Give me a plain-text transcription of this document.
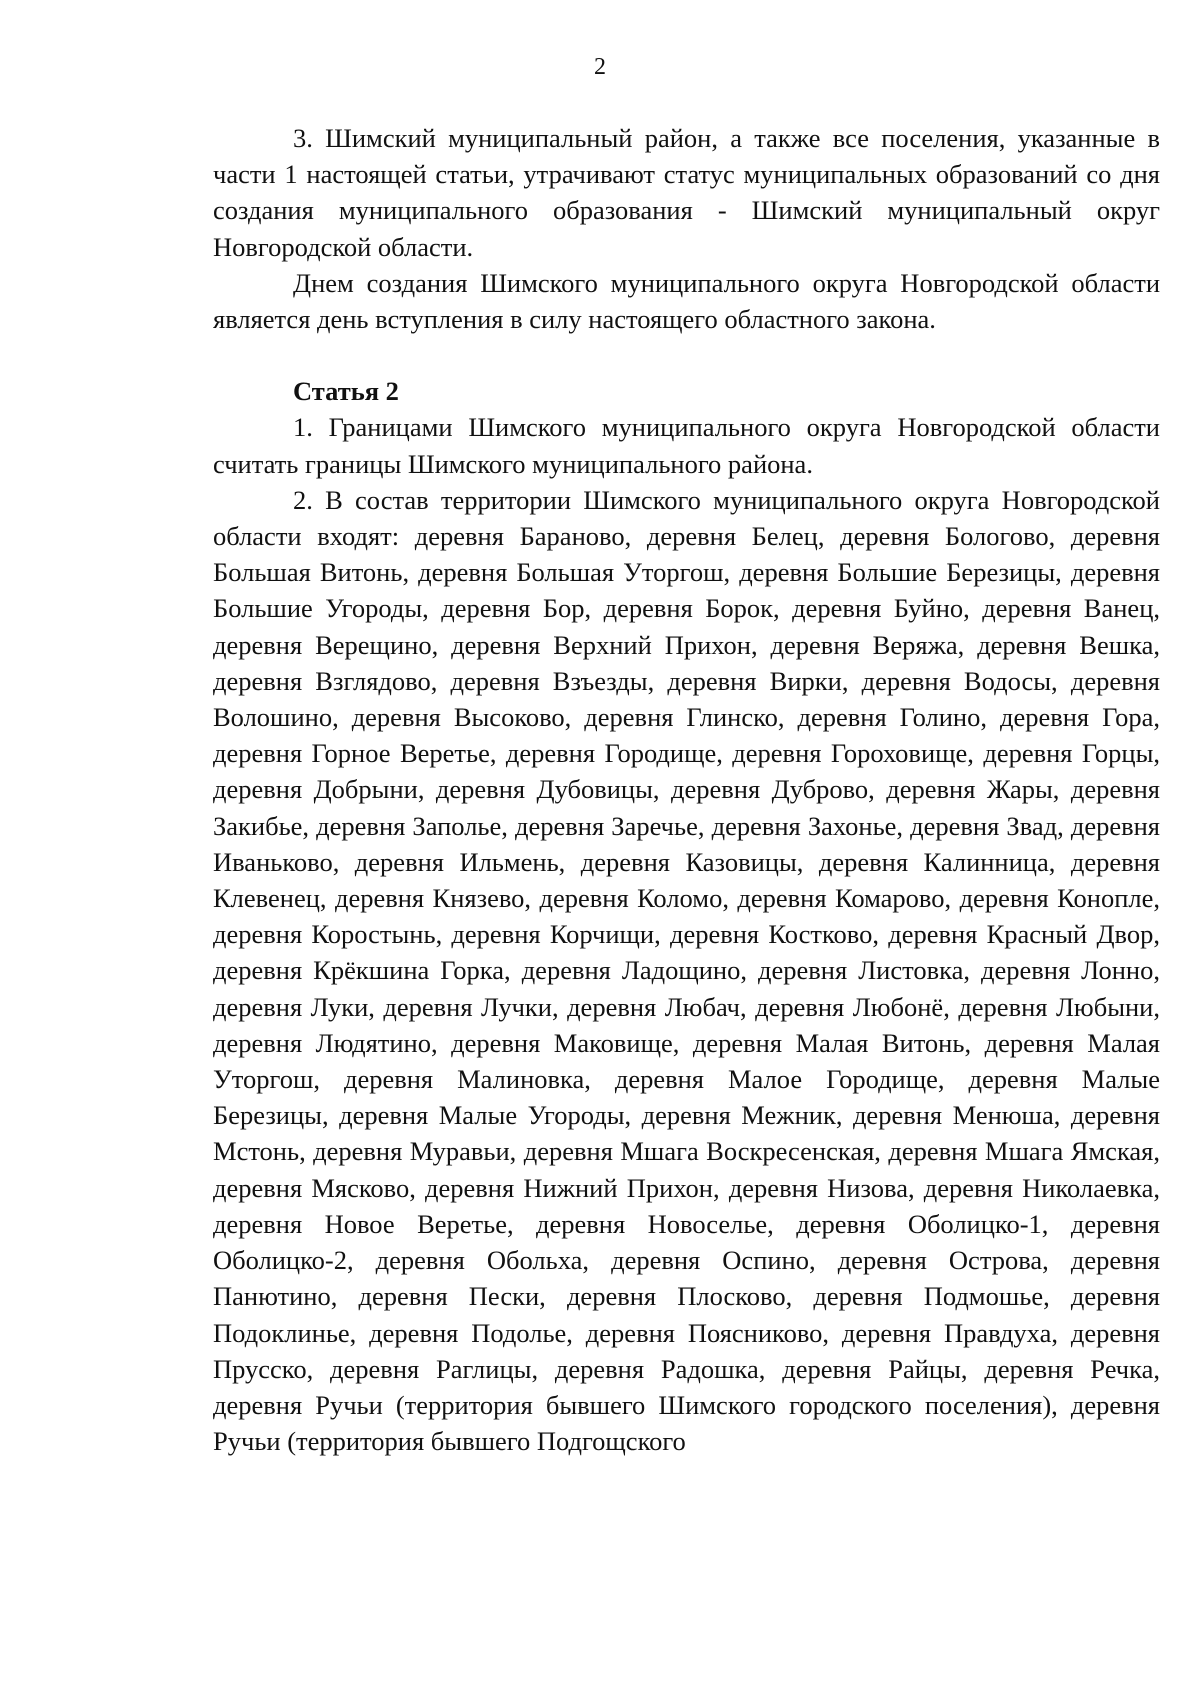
2

3. Шимский муниципальный район, а также все поселения, указанные в части 1 настоящей статьи, утрачивают статус муниципальных образований со дня создания муниципального образования - Шимский муниципальный округ Новгородской области.

Днем создания Шимского муниципального округа Новгородской области является день вступления в силу настоящего областного закона.

Статья 2

1. Границами Шимского муниципального округа Новгородской области считать границы Шимского муниципального района.

2. В состав территории Шимского муниципального округа Новгородской области входят: деревня Бараново, деревня Белец, деревня Бологово, деревня Большая Витонь, деревня Большая Уторгош, деревня Большие Березицы, деревня Большие Угороды, деревня Бор, деревня Борок, деревня Буйно, деревня Ванец, деревня Верещино, деревня Верхний Прихон, деревня Веряжа, деревня Вешка, деревня Взглядово, деревня Взъезды, деревня Вирки, деревня Водосы, деревня Волошино, деревня Высоково, деревня Глинско, деревня Голино, деревня Гора, деревня Горное Веретье, деревня Городище, деревня Гороховище, деревня Горцы, деревня Добрыни, деревня Дубовицы, деревня Дуброво, деревня Жары, деревня Закибье, деревня Заполье, деревня Заречье, деревня Захонье, деревня Звад, деревня Иваньково, деревня Ильмень, деревня Казовицы, деревня Калинница, деревня Клевенец, деревня Князево, деревня Коломо, деревня Комарово, деревня Конопле, деревня Коростынь, деревня Корчищи, деревня Костково, деревня Красный Двор, деревня Крёкшина Горка, деревня Ладощино, деревня Листовка, деревня Лонно, деревня Луки, деревня Лучки, деревня Любач, деревня Любонё, деревня Любыни, деревня Людятино, деревня Маковище, деревня Малая Витонь, деревня Малая Уторгош, деревня Малиновка, деревня Малое Городище, деревня Малые Березицы, деревня Малые Угороды, деревня Межник, деревня Менюша, деревня Мстонь, деревня Муравьи, деревня Мшага Воскресенская, деревня Мшага Ямская, деревня Мясково, деревня Нижний Прихон, деревня Низова, деревня Николаевка, деревня Новое Веретье, деревня Новоселье, деревня Оболицко-1, деревня Оболицко-2, деревня Обольха, деревня Оспино, деревня Острова, деревня Панютино, деревня Пески, деревня Плосково, деревня Подмошье, деревня Подоклинье, деревня Подолье, деревня Поясниково, деревня Правдуха, деревня Прусско, деревня Раглицы, деревня Радошка, деревня Райцы, деревня Речка, деревня Ручьи (территория бывшего Шимского городского поселения), деревня Ручьи (территория бывшего Подгощского
